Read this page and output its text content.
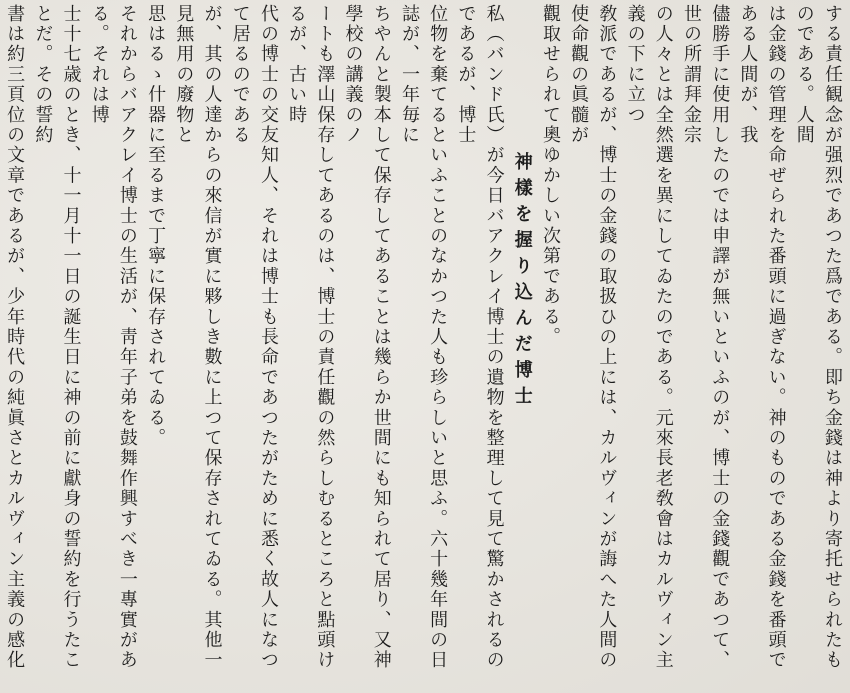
する責任観念が强烈であつた爲である。即ち金錢は神より寄托せられたものである。人間

は金錢の管理を命ぜられた番頭に過ぎない。神のものである金錢を番頭である人間が、我

儘勝手に使用したのでは申譯が無いといふのが、博士の金錢觀であつて、世の所謂拜金宗

の人々とは全然選を異にしてゐたのである。元來長老敎會はカルヴィン主義の下に立つ

敎派であるが、博士の金錢の取扱ひの上には、カルヴィンが誨へた人間の使命觀の眞髓が

觀取せられて奧ゆかしい次第である。

神樣を握り込んだ博士

私（バンド氏）が今日バアクレイ博士の遺物を整理して見て驚かされるのであるが、博士

位物を棄てるといふことのなかつた人も珍らしいと思ふ。六十幾年間の日誌が、一年毎に

ちやんと製本して保存してあることは幾らか世間にも知られて居り、又神學校の講義のノ

ートも澤山保存してあるのは、博士の責任觀の然らしむるところと點頭けるが、古い時

代の博士の交友知人、それは博士も長命であつたがために悉く故人になつて居るのである

が、其の人達からの來信が實に夥しき數に上つて保存されてゐる。其他一見無用の廢物と

思はるゝ什器に至るまで丁寧に保存されてゐる。

それからバアクレイ博士の生活が、靑年子弟を鼓舞作興すべき一專實がある。それは博

士十七歳のとき、十一月十一日の誕生日に神の前に獻身の誓約を行うたことだ。その誓約

書は約三頁位の文章であるが、少年時代の純眞さとカルヴィン主義の感化
